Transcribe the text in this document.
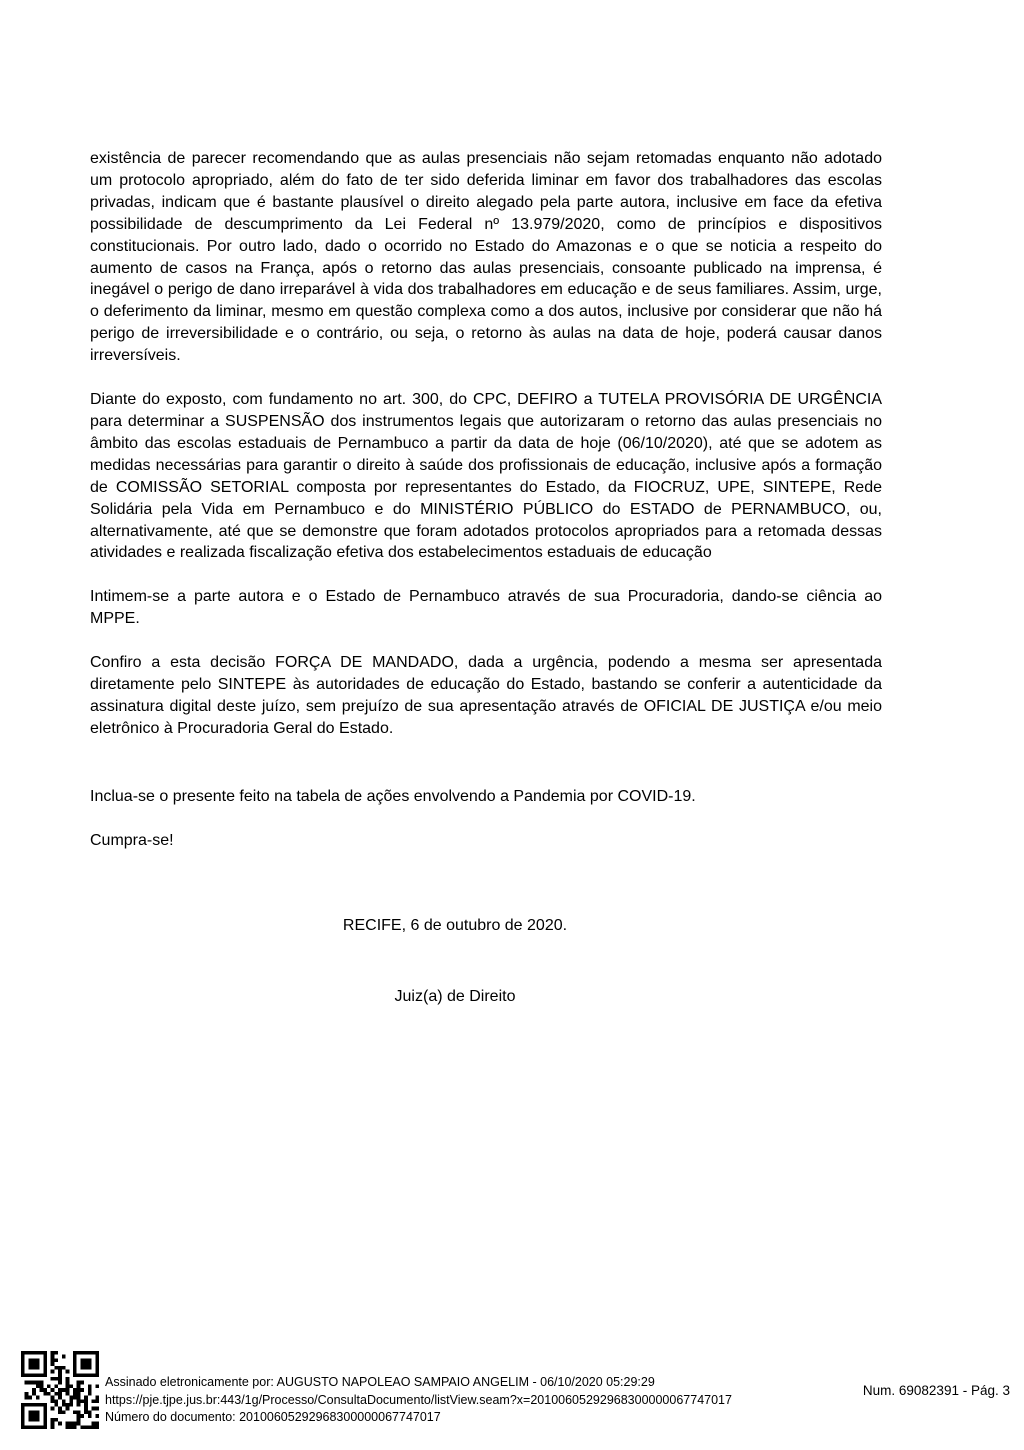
existência de parecer recomendando que as aulas presenciais não sejam retomadas enquanto não adotado um protocolo apropriado, além do fato de ter sido deferida liminar em favor dos trabalhadores das escolas privadas, indicam que é bastante plausível o direito alegado pela parte autora, inclusive em face da efetiva possibilidade de descumprimento da Lei Federal nº 13.979/2020, como de princípios e dispositivos constitucionais. Por outro lado, dado o ocorrido no Estado do Amazonas e o que se noticia a respeito do aumento de casos na França, após o retorno das aulas presenciais, consoante publicado na imprensa, é inegável o perigo de dano irreparável à vida dos trabalhadores em educação e de seus familiares. Assim, urge, o deferimento da liminar, mesmo em questão complexa como a dos autos, inclusive por considerar que não há perigo de irreversibilidade e o contrário, ou seja, o retorno às aulas na data de hoje, poderá causar danos irreversíveis.

Diante do exposto, com fundamento no art. 300, do CPC, DEFIRO a TUTELA PROVISÓRIA DE URGÊNCIA para determinar a SUSPENSÃO dos instrumentos legais que autorizaram o retorno das aulas presenciais no âmbito das escolas estaduais de Pernambuco a partir da data de hoje (06/10/2020), até que se adotem as medidas necessárias para garantir o direito à saúde dos profissionais de educação, inclusive após a formação de COMISSÃO SETORIAL composta por representantes do Estado, da FIOCRUZ, UPE, SINTEPE, Rede Solidária pela Vida em Pernambuco e do MINISTÉRIO PÚBLICO do ESTADO de PERNAMBUCO, ou, alternativamente, até que se demonstre que foram adotados protocolos apropriados para a retomada dessas atividades e realizada fiscalização efetiva dos estabelecimentos estaduais de educação

Intimem-se a parte autora e o Estado de Pernambuco através de sua Procuradoria, dando-se ciência ao MPPE.

Confiro a esta decisão FORÇA DE MANDADO, dada a urgência, podendo a mesma ser apresentada diretamente pelo SINTEPE às autoridades de educação do Estado, bastando se conferir a autenticidade da assinatura digital deste juízo, sem prejuízo de sua apresentação através de OFICIAL DE JUSTIÇA e/ou meio eletrônico à Procuradoria Geral do Estado.

Inclua-se o presente feito na tabela de ações envolvendo a Pandemia por COVID-19.

Cumpra-se!

RECIFE, 6 de outubro de 2020.

Juiz(a) de Direito

Assinado eletronicamente por: AUGUSTO NAPOLEAO SAMPAIO ANGELIM - 06/10/2020 05:29:29
https://pje.tjpe.jus.br:443/1g/Processo/ConsultaDocumento/listView.seam?x=20100605292968300000067747017
Número do documento: 20100605292968300000067747017
Num. 69082391 - Pág. 3
